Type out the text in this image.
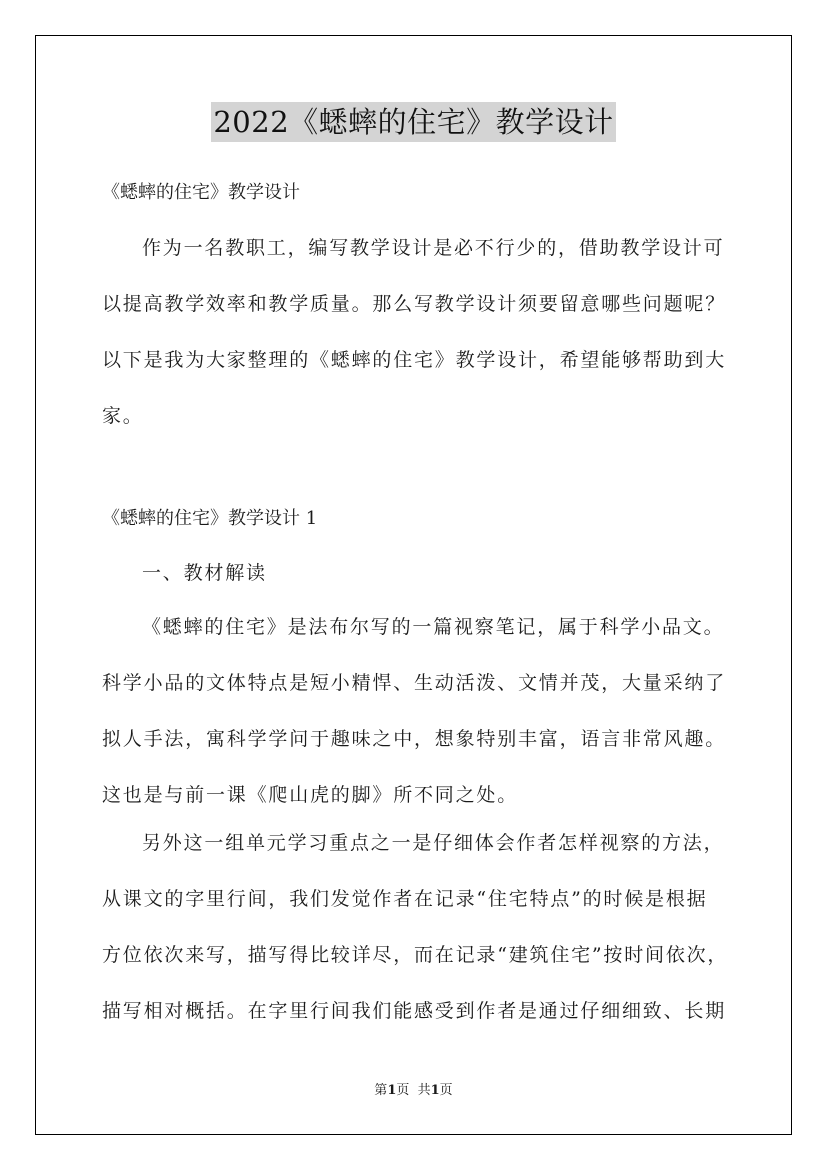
2022《蟋蟀的住宅》教学设计
《蟋蟀的住宅》教学设计
作为一名教职工，编写教学设计是必不行少的，借助教学设计可
以提高教学效率和教学质量。那么写教学设计须要留意哪些问题呢？
以下是我为大家整理的《蟋蟀的住宅》教学设计，希望能够帮助到大
家。
《蟋蟀的住宅》教学设计 1
一、教材解读
《蟋蟀的住宅》是法布尔写的一篇视察笔记，属于科学小品文。
科学小品的文体特点是短小精悍、生动活泼、文情并茂，大量采纳了
拟人手法，寓科学学问于趣味之中，想象特别丰富，语言非常风趣。
这也是与前一课《爬山虎的脚》所不同之处。
另外这一组单元学习重点之一是仔细体会作者怎样视察的方法，
从课文的字里行间，我们发觉作者在记录“住宅特点”的时候是根据
方位依次来写，描写得比较详尽，而在记录“建筑住宅”按时间依次，
描写相对概括。在字里行间我们能感受到作者是通过仔细细致、长期
第1页  共1页
